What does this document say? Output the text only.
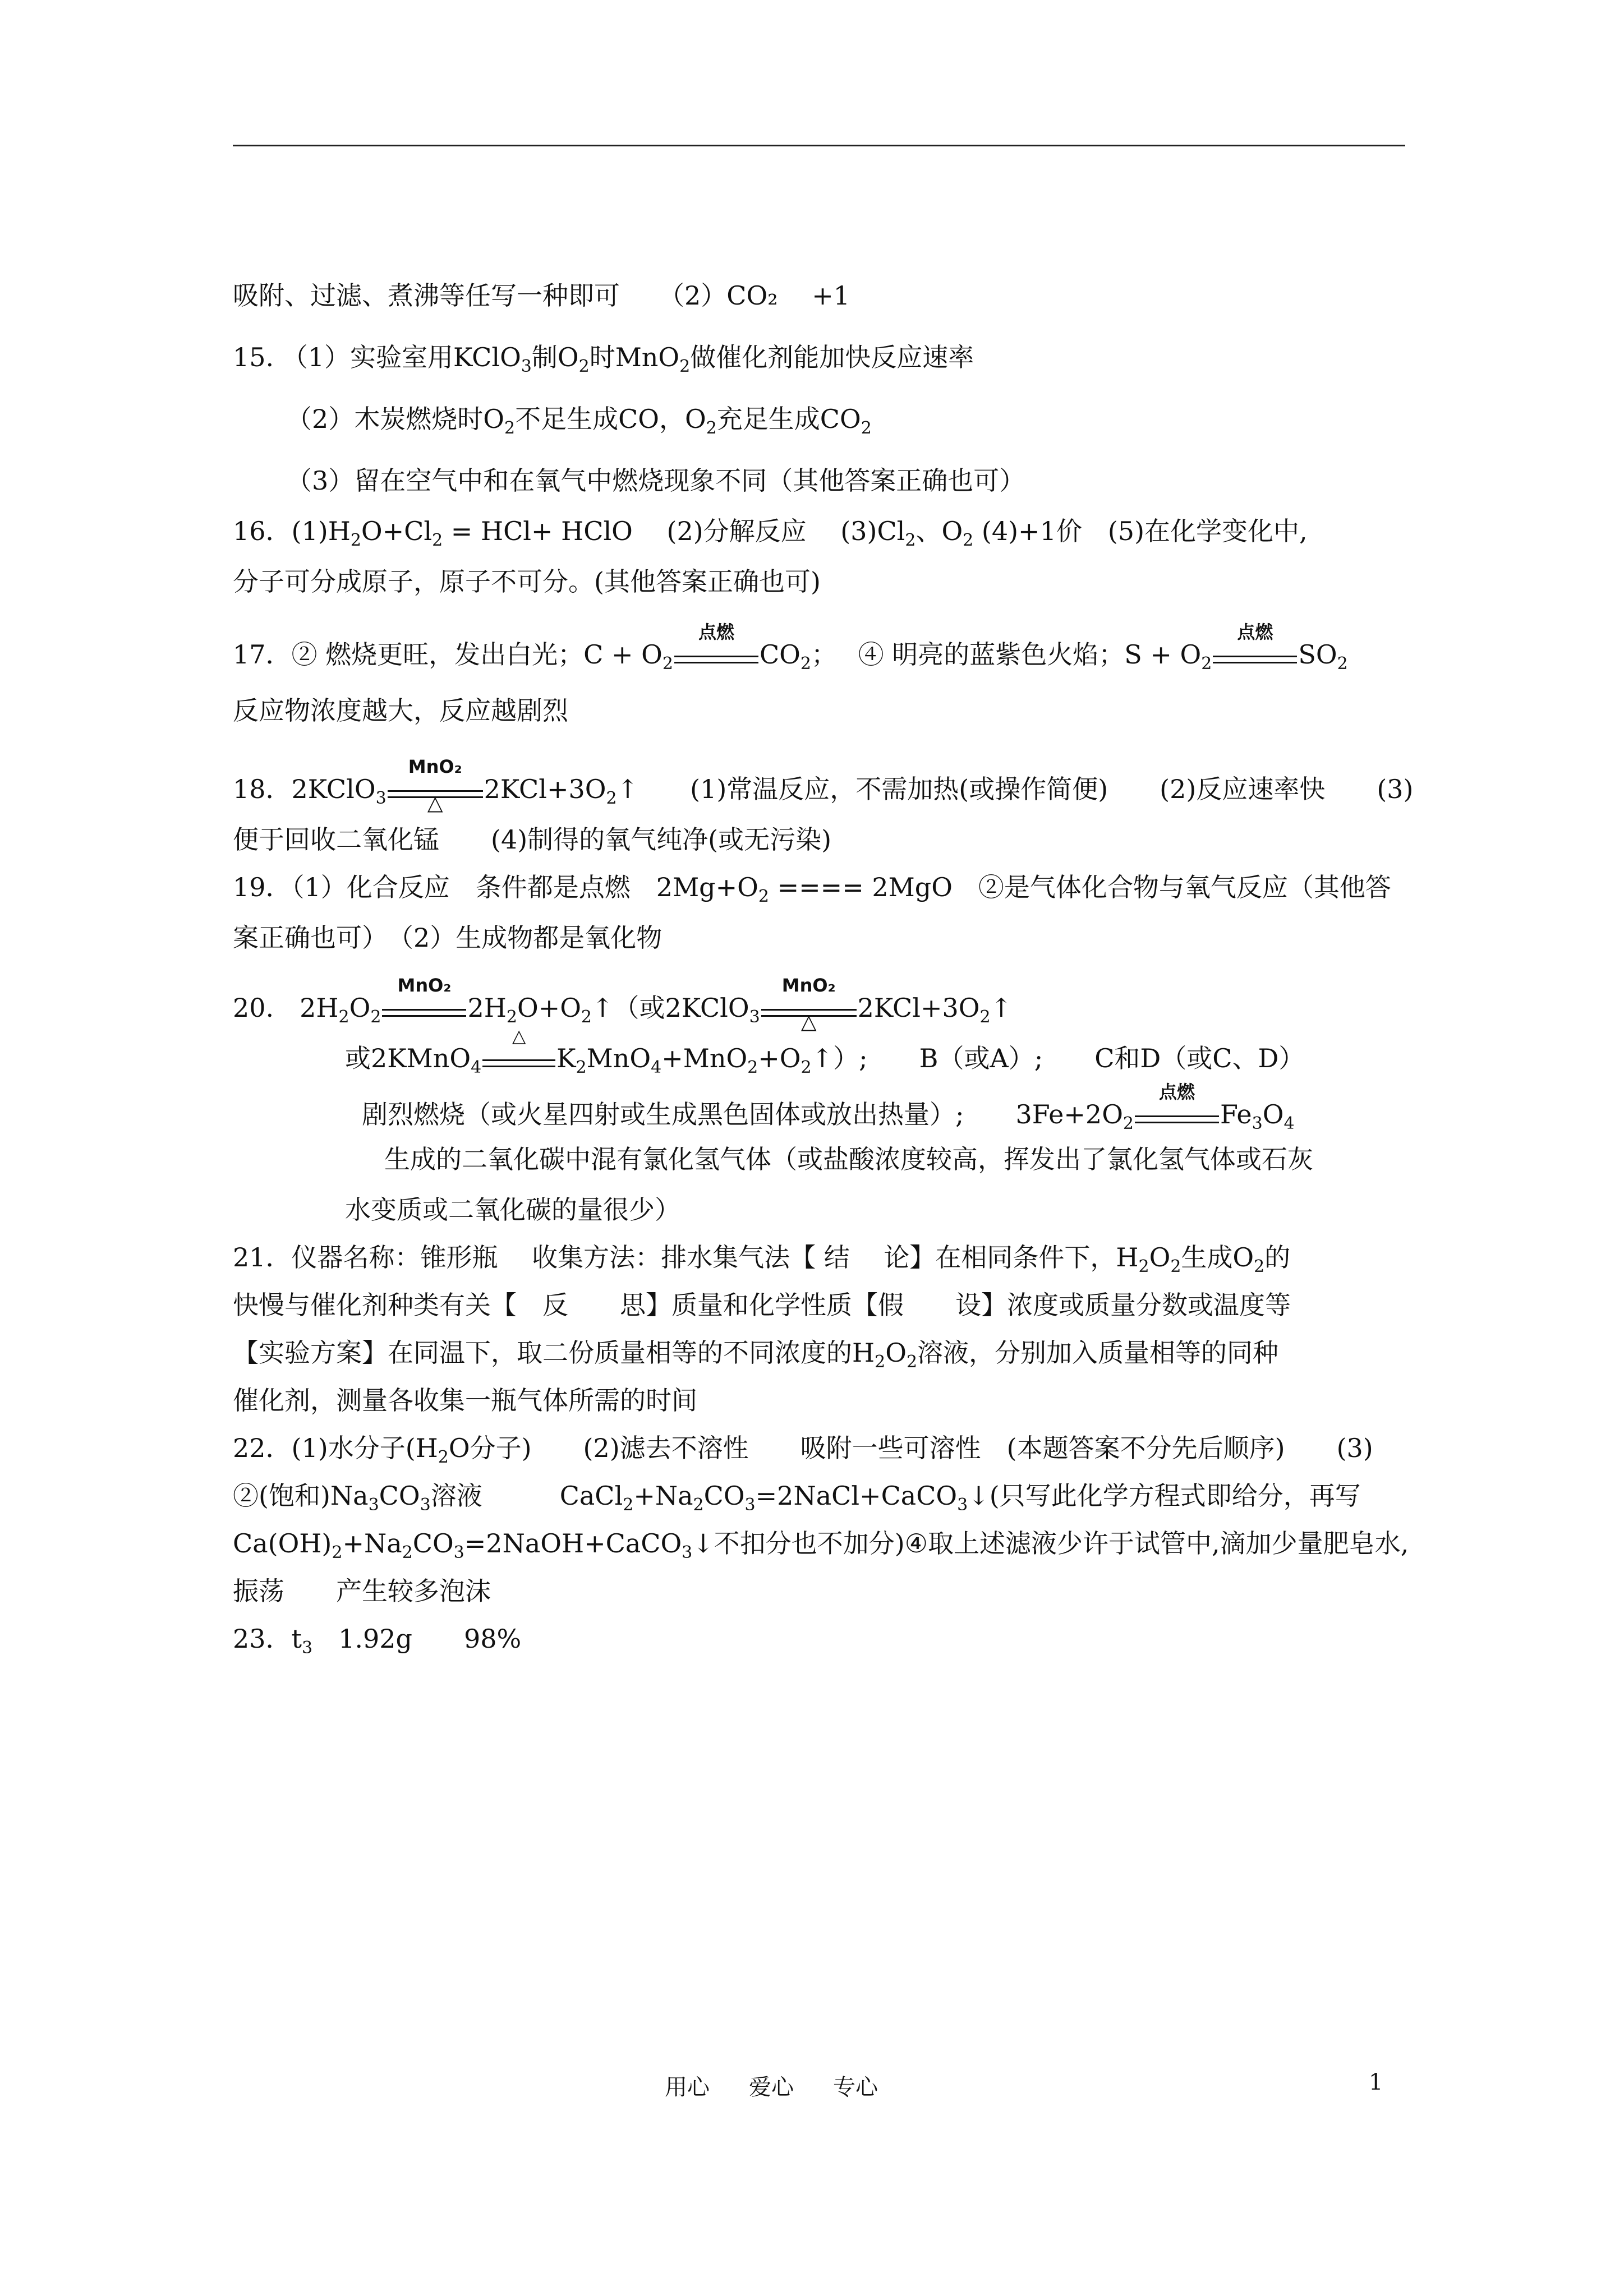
吸附、过滤、煮沸等任写一种即可　　（2）CO₂　 +1
15. （1）实验室用KClO$_3$制$O_2$时MnO$_2$做催化剂能加快反应速率
（2）木炭燃烧时$O_2$不足生成CO，$O_2$充足生成$CO_2$
（3）留在空气中和在氧气中燃烧现象不同（其他答案正确也可）
16．$(1)H_2O+Cl_2 = HCl+$ HClO　 (2)分解反应　 $(3)Cl_2$、$O_2$ (4)+1价　(5)在化学变化中,
分子可分成原子，原子不可分。(其他答案正确也可)
17．② 燃烧更旺，发出白光；$C + O_2$
点燃
$CO_2$；　 ④ 明亮的蓝紫色火焰；$S + O_2$
点燃
$SO_2$
反应物浓度越大，反应越剧烈
18．2KClO$_3$
MnO₂
△	$2KCl+3O_2↑$　　(1)常温反应，不需加热(或操作简便)　　(2)反应速率快　　(3)
便于回收二氧化锰　　(4)制得的氧气纯净(或无污染)
19．（1）化合反应　条件都是点燃　$2Mg+O_2$ ==== 2MgO　②是气体化合物与氧气反应（其他答
案正确也可）　（2）生成物都是氧化物
20.　$2H_2O_2$
MnO₂
$2H_2O+O_2↑$（或2KClO$_3$
MnO₂
△	$2KCl+3O_2↑$
或2KMnO$_4$
△
$K_2MnO_4+MnO_2+O_2↑$）;　　B（或A）;　　C和D（或C、D）
剧烈燃烧（或火星四射或生成黑色固体或放出热量）;　　$3Fe+2O_2$
点燃
$Fe_3O_4$
生成的二氧化碳中混有氯化氢气体（或盐酸浓度较高，挥发出了氯化氢气体或石灰
水变质或二氧化碳的量很少）
21．仪器名称：锥形瓶　 收集方法：排水集气法【 结　 论】在相同条件下，$H_2O_2$生成$O_2$的
快慢与催化剂种类有关【　反　　思】质量和化学性质【假　　设】浓度或质量分数或温度等
【实验方案】在同温下，取二份质量相等的不同浓度的$H_2O_2$溶液，分别加入质量相等的同种
催化剂，测量各收集一瓶气体所需的时间
22．(1)水分子($H_2O$分子)　　(2)滤去不溶性　　吸附一些可溶性　(本题答案不分先后顺序)　　(3)
②(饱和)$Na_3CO_3$溶液　　　$CaCl_2+Na_2CO_3=2NaCl+CaCO_3↓$(只写此化学方程式即给分，再写
$Ca(OH)_2+Na_2CO_3=2NaOH+CaCO_3↓$不扣分也不加分)④取上述滤液少许于试管中,滴加少量肥皂水,
振荡　　产生较多泡沫
23．$t_3$　1.92g　　98%
用心 爱心 专心	1
